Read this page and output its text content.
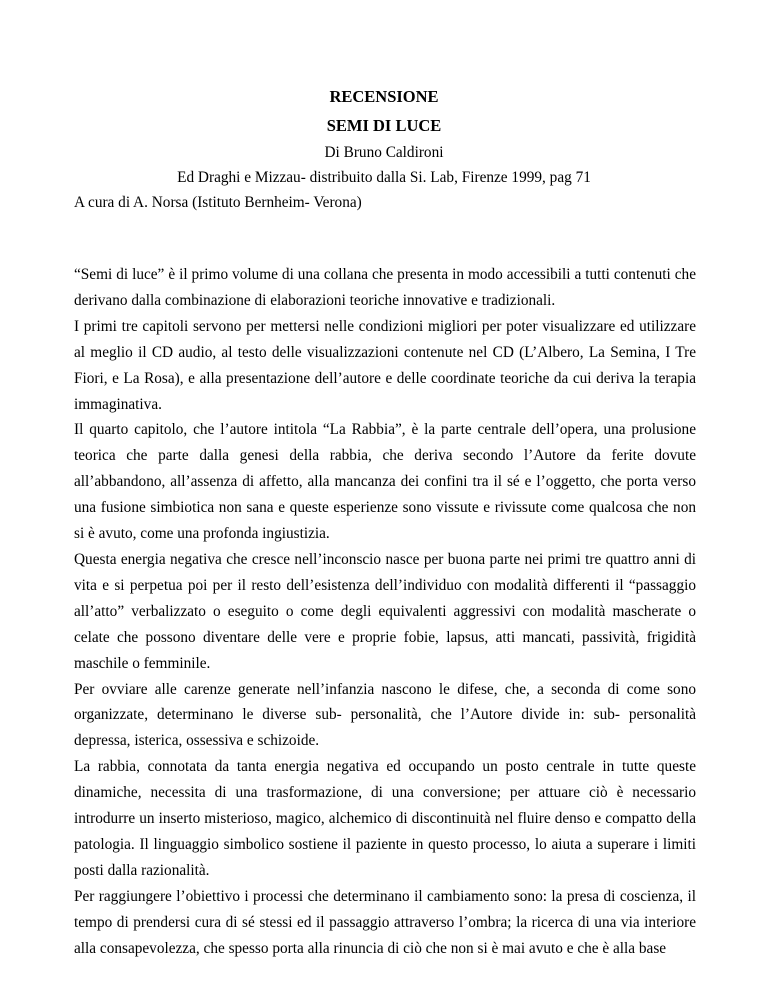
RECENSIONE
SEMI DI LUCE
Di Bruno Caldironi
Ed Draghi e Mizzau- distribuito dalla Si. Lab, Firenze 1999, pag 71
A cura di A. Norsa (Istituto Bernheim- Verona)

“Semi di luce” è il primo volume di una collana che presenta in modo accessibili a tutti contenuti che derivano dalla combinazione di elaborazioni teoriche innovative e tradizionali.

I primi tre capitoli servono per mettersi nelle condizioni migliori per poter visualizzare ed utilizzare al meglio il CD audio, al testo delle visualizzazioni contenute nel CD (L’Albero, La Semina, I Tre Fiori, e La Rosa), e alla presentazione dell’autore e delle coordinate teoriche da cui deriva la terapia immaginativa.

Il quarto capitolo, che l’autore intitola “La Rabbia”, è la parte centrale dell’opera, una prolusione teorica che parte dalla genesi della rabbia, che deriva secondo l’Autore da ferite dovute all’abbandono, all’assenza di affetto, alla mancanza dei confini tra il sé e l’oggetto, che porta verso una fusione simbiotica non sana e queste esperienze sono vissute e rivissute come qualcosa che non si è avuto, come una profonda ingiustizia.

Questa energia negativa che cresce nell’inconscio nasce per buona parte nei primi tre quattro anni di vita e si perpetua poi per il resto dell’esistenza dell’individuo con modalità differenti il “passaggio all’atto” verbalizzato o eseguito o come degli equivalenti aggressivi con modalità mascherate o celate che possono diventare delle vere e proprie fobie, lapsus, atti mancati, passività, frigidità maschile o femminile.

Per ovviare alle carenze generate nell’infanzia nascono le difese, che, a seconda di come sono organizzate, determinano le diverse sub- personalità, che l’Autore divide in: sub- personalità depressa, isterica, ossessiva e schizoide.

La rabbia, connotata da tanta energia negativa ed occupando un posto centrale in tutte queste dinamiche, necessita di una trasformazione, di una conversione; per attuare ciò è necessario introdurre un inserto misterioso, magico, alchemico di discontinuità nel fluire denso e compatto della patologia. Il linguaggio simbolico sostiene il paziente in questo processo, lo aiuta a superare i limiti posti dalla razionalità.

Per raggiungere l’obiettivo i processi che determinano il cambiamento sono: la presa di coscienza, il tempo di prendersi cura di sé stessi ed il passaggio attraverso l’ombra; la ricerca di una via interiore alla consapevolezza, che spesso porta alla rinuncia di ciò che non si è mai avuto e che è alla base
